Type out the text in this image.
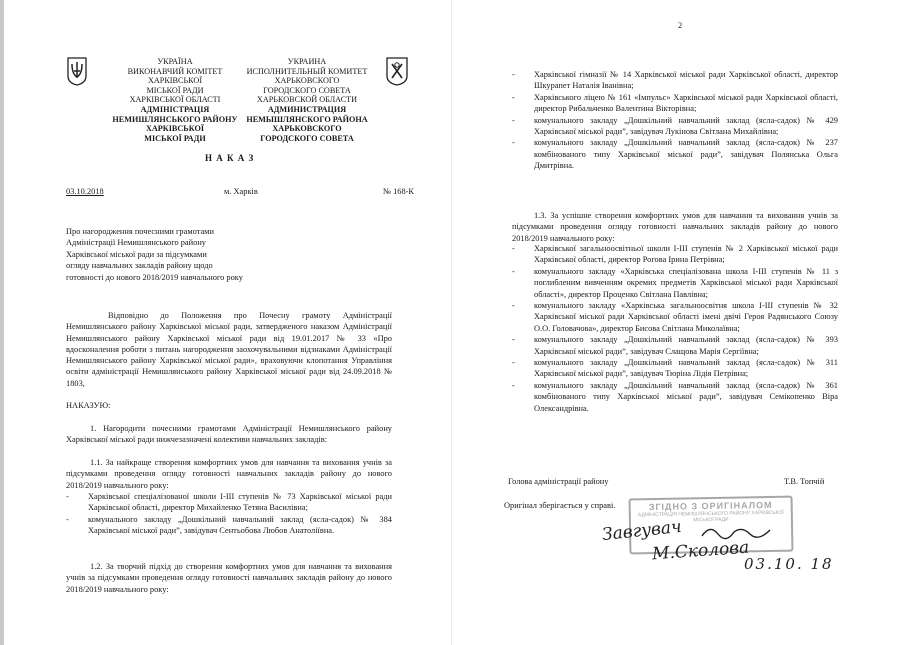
УКРАЇНА
ВИКОНАВЧИЙ КОМІТЕТ
ХАРКІВСЬКОЇ
МІСЬКОЇ РАДИ
ХАРКІВСЬКОЇ ОБЛАСТІ
АДМІНІСТРАЦІЯ
НЕМИШЛЯНСЬКОГО РАЙОНУ
ХАРКІВСЬКОЇ
МІСЬКОЇ РАДИ
УКРАИНА
ИСПОЛНИТЕЛЬНЫЙ КОМИТЕТ
ХАРЬКОВСКОГО
ГОРОДСКОГО СОВЕТА
ХАРЬКОВСКОЙ ОБЛАСТИ
АДМИНИСТРАЦИЯ
НЕМЫШЛЯНСКОГО РАЙОНА
ХАРЬКОВСКОГО
ГОРОДСКОГО СОВЕТА
Н А К А З
03.10.2018	м. Харків	№ 168-К
Про нагородження почесними грамотами
Адміністрації Немишлянського району
Харківської міської ради за підсумками
огляду навчальних закладів району щодо
готовності до нового 2018/2019 навчального року
Відповідно до Положення про Почесну грамоту Адміністрації Немишлянського району Харківської міської ради, затвердженого наказом Адміністрації Немишлянського району Харківської міської ради від 19.01.2017 № 33 «Про вдосконалення роботи з питань нагородження заохочувальними відзнаками Адміністрації Немишлянського району Харківської міської ради», враховуючи клопотання Управління освіти адміністрації Немишлянського району Харківської міської ради від 24.09.2018 № 1803,
НАКАЗУЮ:
1. Нагородити почесними грамотами Адміністрації Немишлянського району Харківської міської ради нижчезазначені колективи навчальних закладів:
1.1. За найкраще створення комфортних умов для навчання та виховання учнів за підсумками проведення огляду готовності навчальних закладів району до нового 2018/2019 навчального року:
- Харківської спеціалізованої школи І-ІІІ ступенів № 73 Харківської міської ради Харківської області, директор Михайленко Тетяна Василівна;
- комунального закладу „Дошкільний навчальний заклад (ясла-садок) № 384 Харківської міської ради”, завідувач Сентьобова Любов Анатоліївна.
1.2. За творчий підхід до створення комфортних умов для навчання та виховання учнів за підсумками проведення огляду готовності навчальних закладів району до нового 2018/2019 навчального року:
2
- Харківської гімназії № 14 Харківської міської ради Харківської області, директор Шкурапет Наталія Іванівна;
- Харківського ліцею № 161 «Імпульс» Харківської міської ради Харківської області, директор Рибальченко Валентина Вікторівна;
- комунального закладу „Дошкільний навчальний заклад (ясла-садок) № 429 Харківської міської ради”, завідувач Лукінова Світлана Михайлівна;
- комунального закладу „Дошкільний навчальний заклад (ясла-садок) № 237 комбінованого типу Харківської міської ради”, завідувач Полянська Ольга Дмитрівна.
1.3. За успішне створення комфортних умов для навчання та виховання учнів за підсумками проведення огляду готовності навчальних закладів району до нового 2018/2019 навчального року:
- Харківської загальноосвітньої школи І-ІІІ ступенів № 2 Харківської міської ради Харківської області, директор Рогова Ірина Петрівна;
- комунального закладу «Харківська спеціалізована школа І-ІІІ ступенів № 11 з поглибленим вивченням окремих предметів Харківської міської ради Харківської області», директор Проценко Світлана Павлівна;
- комунального закладу «Харківська загальноосвітня школа І-ІІІ ступенів № 32 Харківської міської ради Харківської області імені двічі Героя Радянського Союзу О.О. Головачова», директор Бисова Світлана Миколаївна;
- комунального закладу „Дошкільний навчальний заклад (ясла-садок) № 393 Харківської міської ради”, завідувач Слащова Марія Сергіївна;
- комунального закладу „Дошкільний навчальний заклад (ясла-садок) № 311 Харківської міської ради”, завідувач Тюріна Лідія Петрівна;
- комунального закладу „Дошкільний навчальний заклад (ясла-садок) № 361 комбінованого типу Харківської міської ради”, завідувач Семікопенко Віра Олександрівна.
Голова адміністрації району	Т.В. Топчій
Оригінал зберігається у справі.	ЗГІДНО З ОРИГІНАЛОМ
АДМІНІСТРАЦІЯ НЕМИШЛЯНСЬКОГО РАЙОНУ ХАРКІВСЬКОЇ МІСЬКОЇ РАДИ
Завгувач
М.Сколова
03.10. 18
